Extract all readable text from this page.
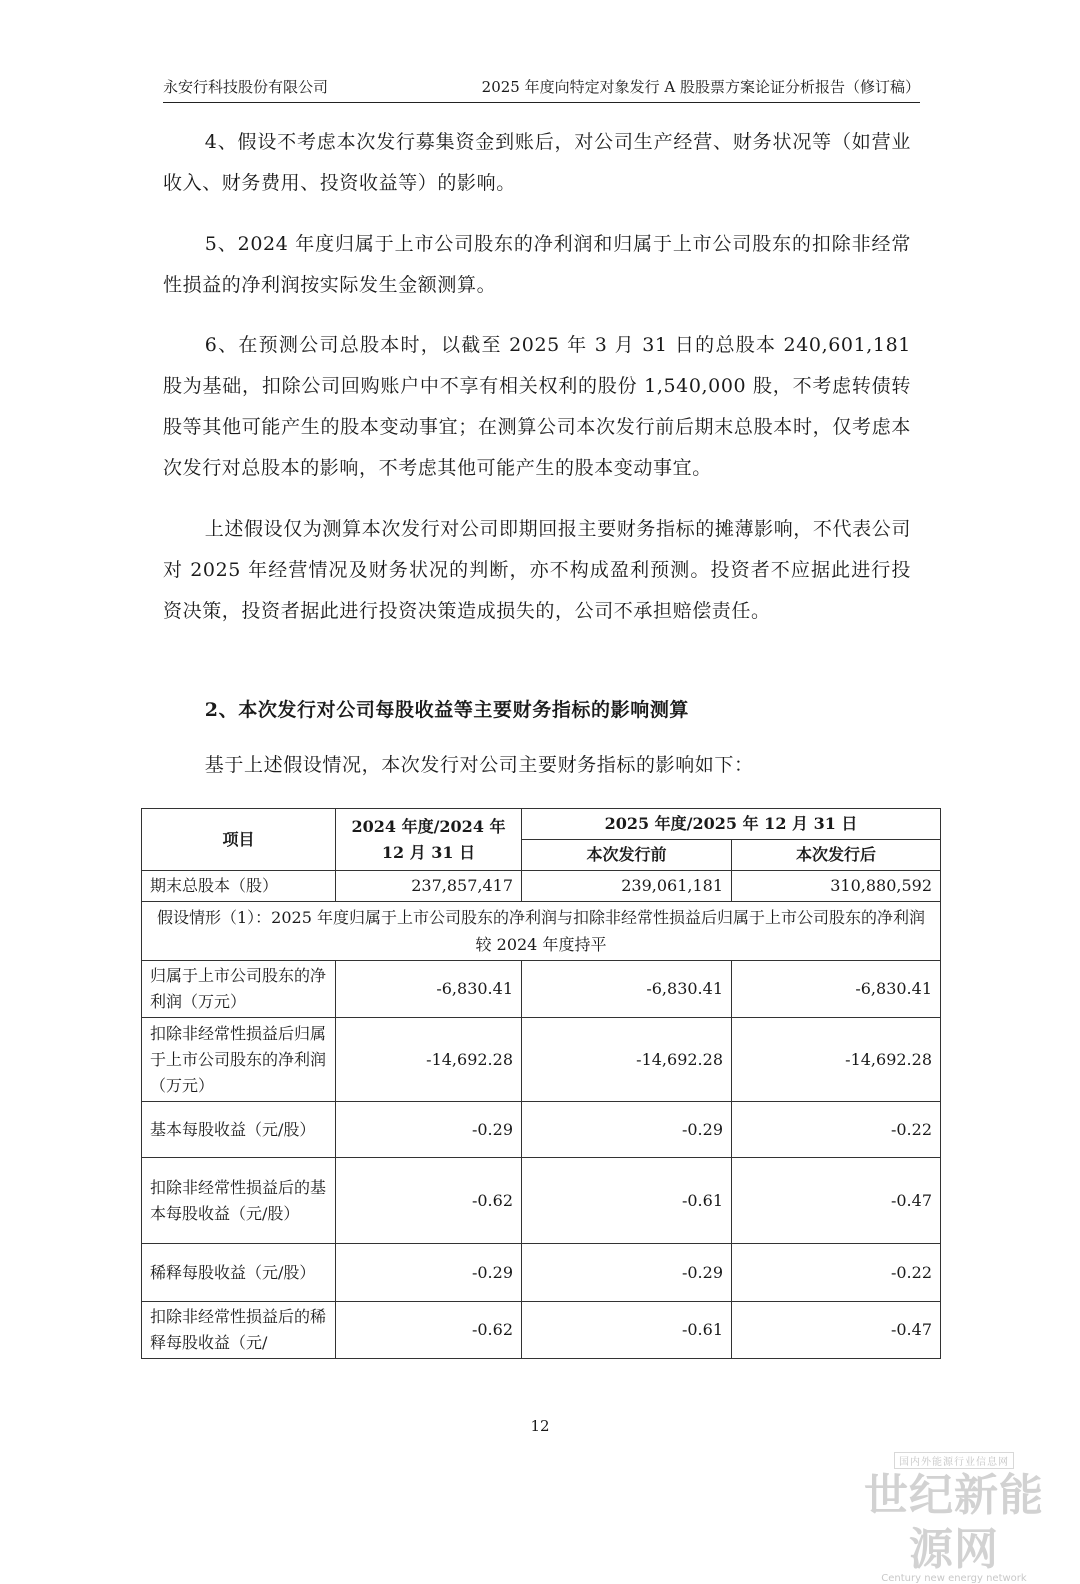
永安行科技股份有限公司	2025 年度向特定对象发行 A 股股票方案论证分析报告（修订稿）

4、假设不考虑本次发行募集资金到账后，对公司生产经营、财务状况等（如营业收入、财务费用、投资收益等）的影响。

5、2024 年度归属于上市公司股东的净利润和归属于上市公司股东的扣除非经常性损益的净利润按实际发生金额测算。

6、在预测公司总股本时，以截至 2025 年 3 月 31 日的总股本 240,601,181 股为基础，扣除公司回购账户中不享有相关权利的股份 1,540,000 股，不考虑转债转股等其他可能产生的股本变动事宜；在测算公司本次发行前后期末总股本时，仅考虑本次发行对总股本的影响，不考虑其他可能产生的股本变动事宜。

上述假设仅为测算本次发行对公司即期回报主要财务指标的摊薄影响，不代表公司对 2025 年经营情况及财务状况的判断，亦不构成盈利预测。投资者不应据此进行投资决策，投资者据此进行投资决策造成损失的，公司不承担赔偿责任。

2、本次发行对公司每股收益等主要财务指标的影响测算

基于上述假设情况，本次发行对公司主要财务指标的影响如下：

项目	2024 年度/2024 年 12 月 31 日	2025 年度/2025 年 12 月 31 日	
		本次发行前	本次发行后
期末总股本（股）	237,857,417	239,061,181	310,880,592
假设情形（1）：2025 年度归属于上市公司股东的净利润与扣除非经常性损益后归属于上市公司股东的净利润较 2024 年度持平			
归属于上市公司股东的净利润（万元）	-6,830.41	-6,830.41	-6,830.41
扣除非经常性损益后归属于上市公司股东的净利润（万元）	-14,692.28	-14,692.28	-14,692.28
基本每股收益（元/股）	-0.29	-0.29	-0.22
扣除非经常性损益后的基本每股收益（元/股）	-0.62	-0.61	-0.47
稀释每股收益（元/股）	-0.29	-0.29	-0.22
扣除非经常性损益后的稀释每股收益（元/	-0.62	-0.61	-0.47
12
国内外能源行业信息网
世纪新能源网
Century new energy network
